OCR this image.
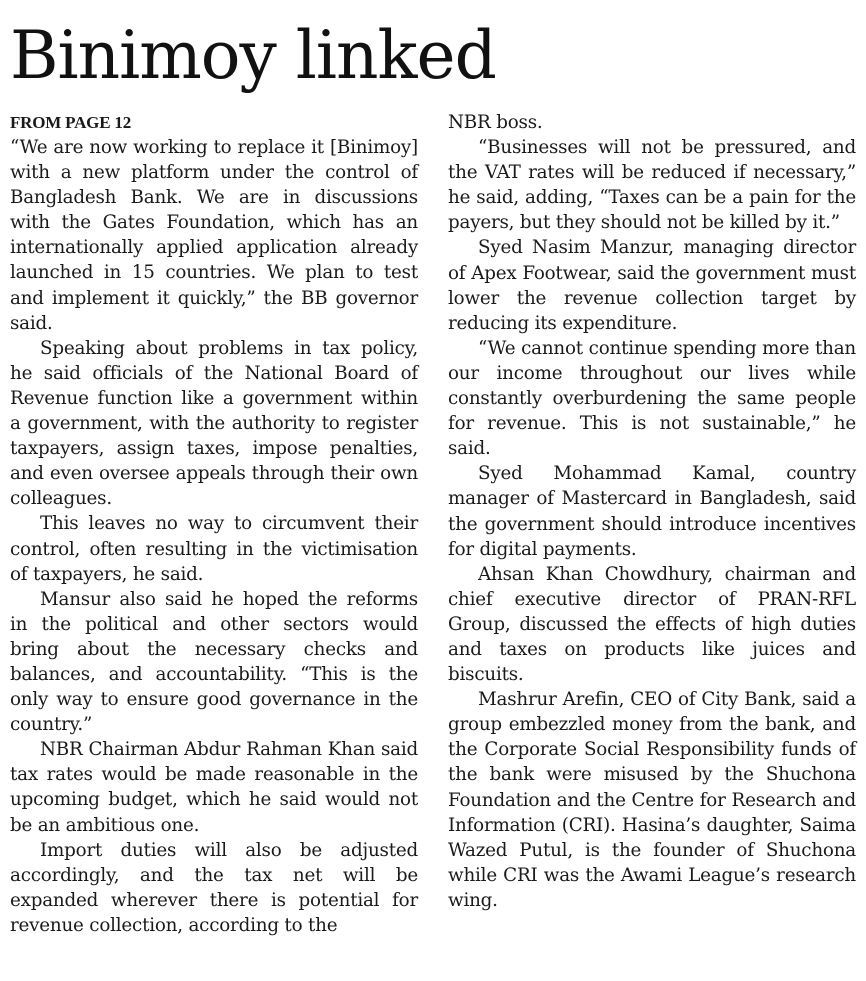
Binimoy linked

FROM PAGE 12

“We are now working to replace it [Binimoy] with a new platform under the control of Bangladesh Bank. We are in discussions with the Gates Foundation, which has an internationally applied application already launched in 15 countries. We plan to test and implement it quickly,” the BB governor said.

Speaking about problems in tax policy, he said officials of the National Board of Revenue function like a government within a government, with the authority to register taxpayers, assign taxes, impose penalties, and even oversee appeals through their own colleagues.

This leaves no way to circumvent their control, often resulting in the victimisation of taxpayers, he said.

Mansur also said he hoped the reforms in the political and other sectors would bring about the necessary checks and balances, and accountability. “This is the only way to ensure good governance in the country.”

NBR Chairman Abdur Rahman Khan said tax rates would be made reasonable in the upcoming budget, which he said would not be an ambitious one.

Import duties will also be adjusted accordingly, and the tax net will be expanded wherever there is potential for revenue collection, according to the

NBR boss.

“Businesses will not be pressured, and the VAT rates will be reduced if necessary,” he said, adding, “Taxes can be a pain for the payers, but they should not be killed by it.”

Syed Nasim Manzur, managing director of Apex Footwear, said the government must lower the revenue collection target by reducing its expenditure.

“We cannot continue spending more than our income throughout our lives while constantly overburdening the same people for revenue. This is not sustainable,” he said.

Syed Mohammad Kamal, country manager of Mastercard in Bangladesh, said the government should introduce incentives for digital payments.

Ahsan Khan Chowdhury, chairman and chief executive director of PRAN-RFL Group, discussed the effects of high duties and taxes on products like juices and biscuits.

Mashrur Arefin, CEO of City Bank, said a group embezzled money from the bank, and the Corporate Social Responsibility funds of the bank were misused by the Shuchona Foundation and the Centre for Research and Information (CRI). Hasina’s daughter, Saima Wazed Putul, is the founder of Shuchona while CRI was the Awami League’s research wing.
